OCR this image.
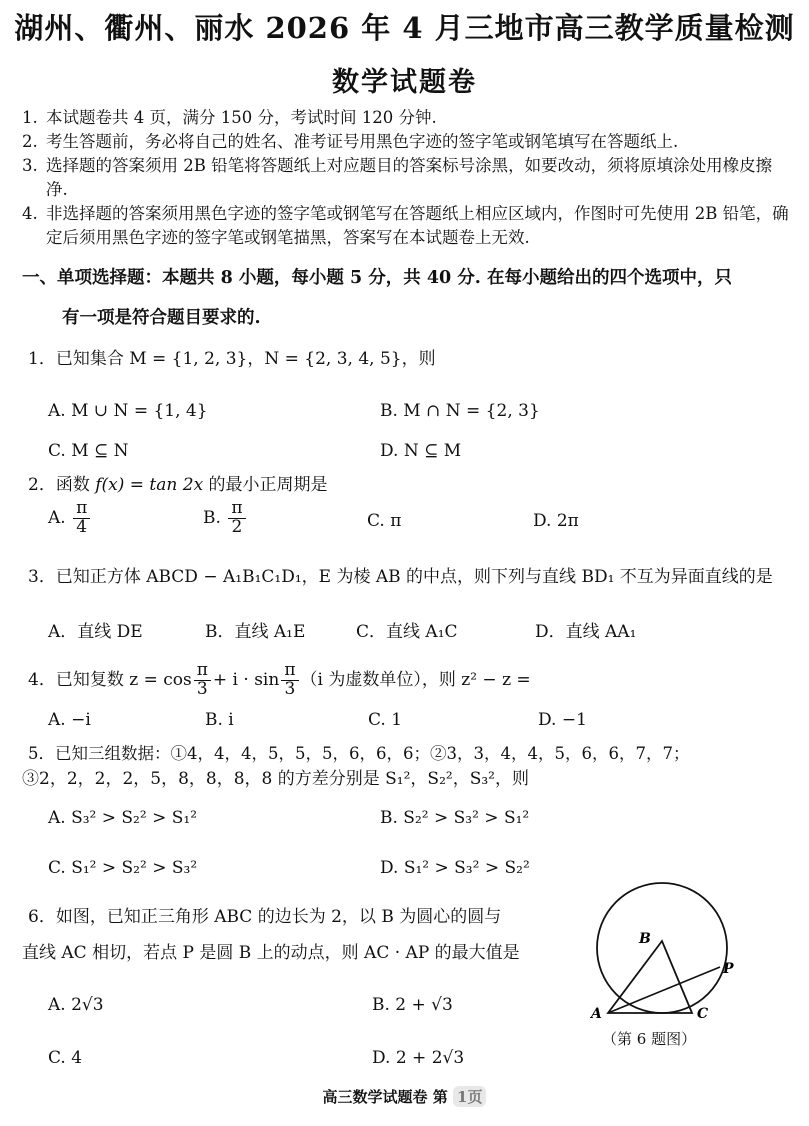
湖州、衢州、丽水 2026 年 4 月三地市高三教学质量检测
数学试题卷
1. 本试题卷共 4 页，满分 150 分，考试时间 120 分钟.
2. 考生答题前，务必将自己的姓名、准考证号用黑色字迹的签字笔或钢笔填写在答题纸上.
3. 选择题的答案须用 2B 铅笔将答题纸上对应题目的答案标号涂黑，如要改动，须将原填涂处用橡皮擦净.
4. 非选择题的答案须用黑色字迹的签字笔或钢笔写在答题纸上相应区域内，作图时可先使用 2B 铅笔，确定后须用黑色字迹的签字笔或钢笔描黑，答案写在本试题卷上无效.
一、单项选择题：本题共 8 小题，每小题 5 分，共 40 分. 在每小题给出的四个选项中，只
有一项是符合题目要求的.
1．已知集合 M = {1, 2, 3}，N = {2, 3, 4, 5}，则
A. M ∪ N = {1, 4}	B. M ∩ N = {2, 3}
C. M ⊆ N	D. N ⊆ M
2．函数 f(x) = tan 2x 的最小正周期是
A. $\frac{\pi}{4}$	B. $\frac{\pi}{2}$	C. π	D. 2π
3．已知正方体 ABCD − A₁B₁C₁D₁，E 为棱 AB 的中点，则下列与直线 BD₁ 不互为异面直线的是
A．直线 DE	B．直线 A₁E	C．直线 A₁C	D．直线 AA₁
4．已知复数 $z = \cos \frac{\pi}{3} + i \cdot \sin \frac{\pi}{3} (i$ 为虚数单位），则 z² − z =
A. −i	B. i	C. 1	D. −1
5．已知三组数据：①4，4，4，5，5，5，6，6，6；②3，3，4，4，5，6，6，7，7；
③2，2，2，2，5，8，8，8，8 的方差分别是 S₁²，S₂²，S₃²，则
A. S₃² > S₂² > S₁²	B. S₂² > S₃² > S₁²
C. S₁² > S₂² > S₃²	D. S₁² > S₃² > S₂²
6．如图，已知正三角形 ABC 的边长为 2，以 B 为圆心的圆与
直线 AC 相切，若点 P 是圆 B 上的动点，则 AC · AP 的最大值是
A. 2√3	B. 2 + √3
C. 4	D. 2 + 2√3
B
A	C
P
（第 6 题图）
高三数学试题卷 第 1页
